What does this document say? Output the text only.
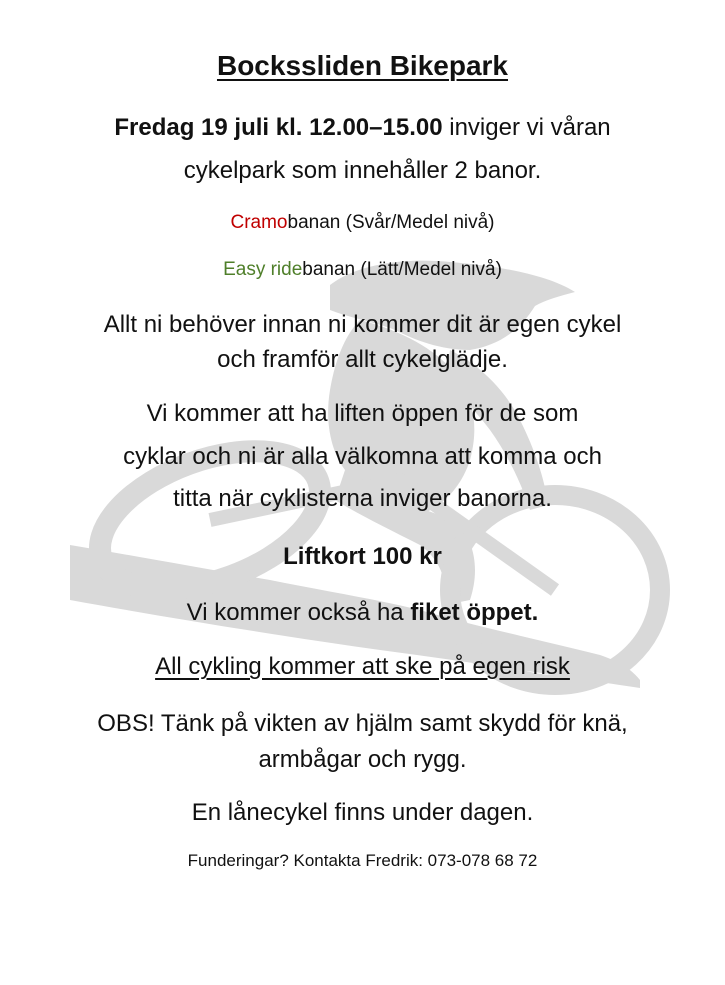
Bockssliden Bikepark
Fredag 19 juli kl. 12.00–15.00 inviger vi våran
cykelpark som innehåller 2 banor.
Cramobanan (Svår/Medel nivå)
Easy ridebanan (Lätt/Medel nivå)
Allt ni behöver innan ni kommer dit är egen cykel
och framför allt cykelglädje.
Vi kommer att ha liften öppen för de som
cyklar och ni är alla välkomna att komma och
titta när cyklisterna inviger banorna.
Liftkort 100 kr
Vi kommer också ha fiket öppet.
All cykling kommer att ske på egen risk
OBS! Tänk på vikten av hjälm samt skydd för knä,
armbågar och rygg.
En lånecykel finns under dagen.
Funderingar? Kontakta Fredrik: 073-078 68 72
